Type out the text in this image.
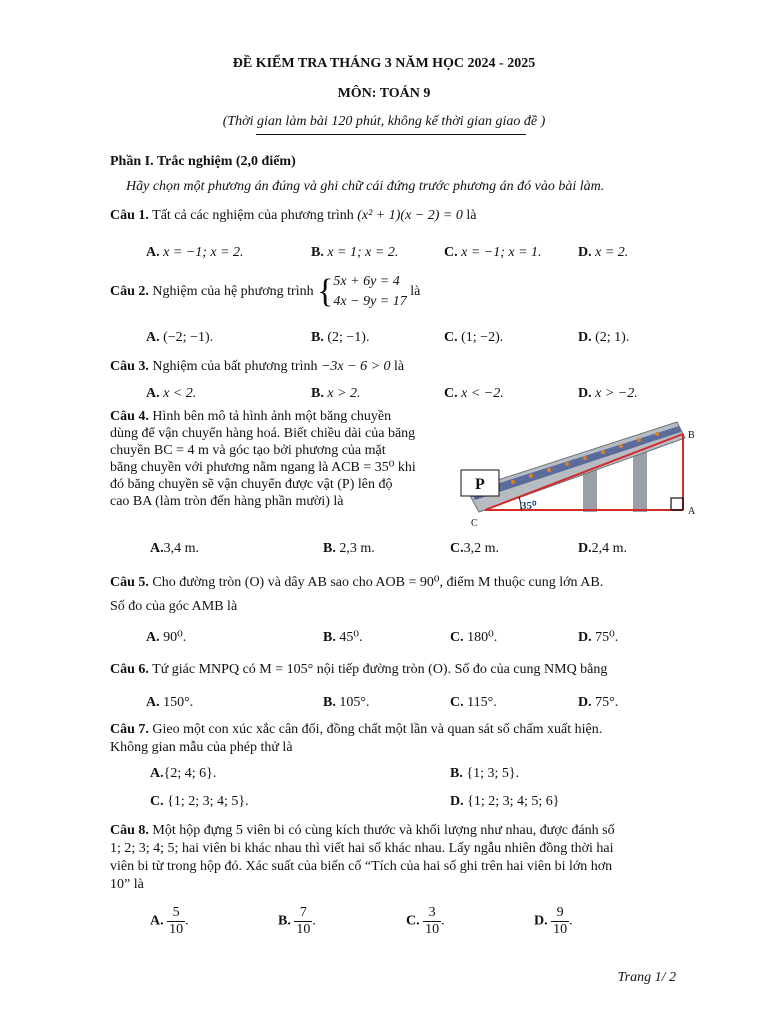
ĐỀ KIỂM TRA THÁNG 3 NĂM HỌC 2024 - 2025
MÔN: TOÁN 9
(Thời gian làm bài 120 phút, không kể thời gian giao đề )
Phần I. Trắc nghiệm (2,0 điểm)
Hãy chọn một phương án đúng và ghi chữ cái đứng trước phương án đó vào bài làm.
Câu 1. Tất cả các nghiệm của phương trình (x² + 1)(x − 2) = 0 là
A. x = −1; x = 2.	B. x = 1; x = 2.	C. x = −1; x = 1.	D. x = 2.
Câu 2. Nghiệm của hệ phương trình { 5x + 6y = 4
4x − 9y = 17
là
A. (−2; −1).	B. (2; −1).	C. (1; −2).	D. (2; 1).
Câu 3. Nghiệm của bất phương trình −3x − 6 > 0 là
A. x < 2.	B. x > 2.	C. x < −2.	D. x > −2.
Câu 4. Hình bên mô tả hình ảnh một băng chuyền
dùng để vận chuyển hàng hoá. Biết chiều dài của băng
chuyền BC = 4 m và góc tạo bởi phương của mặt
băng chuyền với phương nằm ngang là ACB = 35⁰ khi
đó băng chuyền sẽ vận chuyển được vật (P) lên độ
cao BA (làm tròn đến hàng phần mười) là
P
35⁰
B
A
C
A.3,4 m.	B. 2,3 m.	C.3,2 m.	D.2,4 m.
Câu 5. Cho đường tròn (O) và dây AB sao cho AOB = 90⁰, điểm M thuộc cung lớn AB.
Số đo của góc AMB là
A. 90⁰.	B. 45⁰.	C. 180⁰.	D. 75⁰.
Câu 6. Tứ giác MNPQ có M = 105° nội tiếp đường tròn (O). Số đo của cung NMQ bằng
A. 150°.	B. 105°.	C. 115°.	D. 75°.
Câu 7. Gieo một con xúc xắc cân đối, đồng chất một lần và quan sát số chấm xuất hiện.
Không gian mẫu của phép thử là
A.{2; 4; 6}.	B. {1; 3; 5}.
C. {1; 2; 3; 4; 5}.	D. {1; 2; 3; 4; 5; 6}
Câu 8. Một hộp đựng 5 viên bi có cùng kích thước và khối lượng như nhau, được đánh số
1; 2; 3; 4; 5; hai viên bi khác nhau thì viết hai số khác nhau. Lấy ngẫu nhiên đồng thời hai
viên bi từ trong hộp đó. Xác suất của biến cố “Tích của hai số ghi trên hai viên bi lớn hơn
10” là
A. $\frac{5}{10}$ .	B. $\frac{7}{10}$ .	C. $\frac{3}{10}$ .	D. $\frac{9}{10}$ .
Trang 1/ 2
